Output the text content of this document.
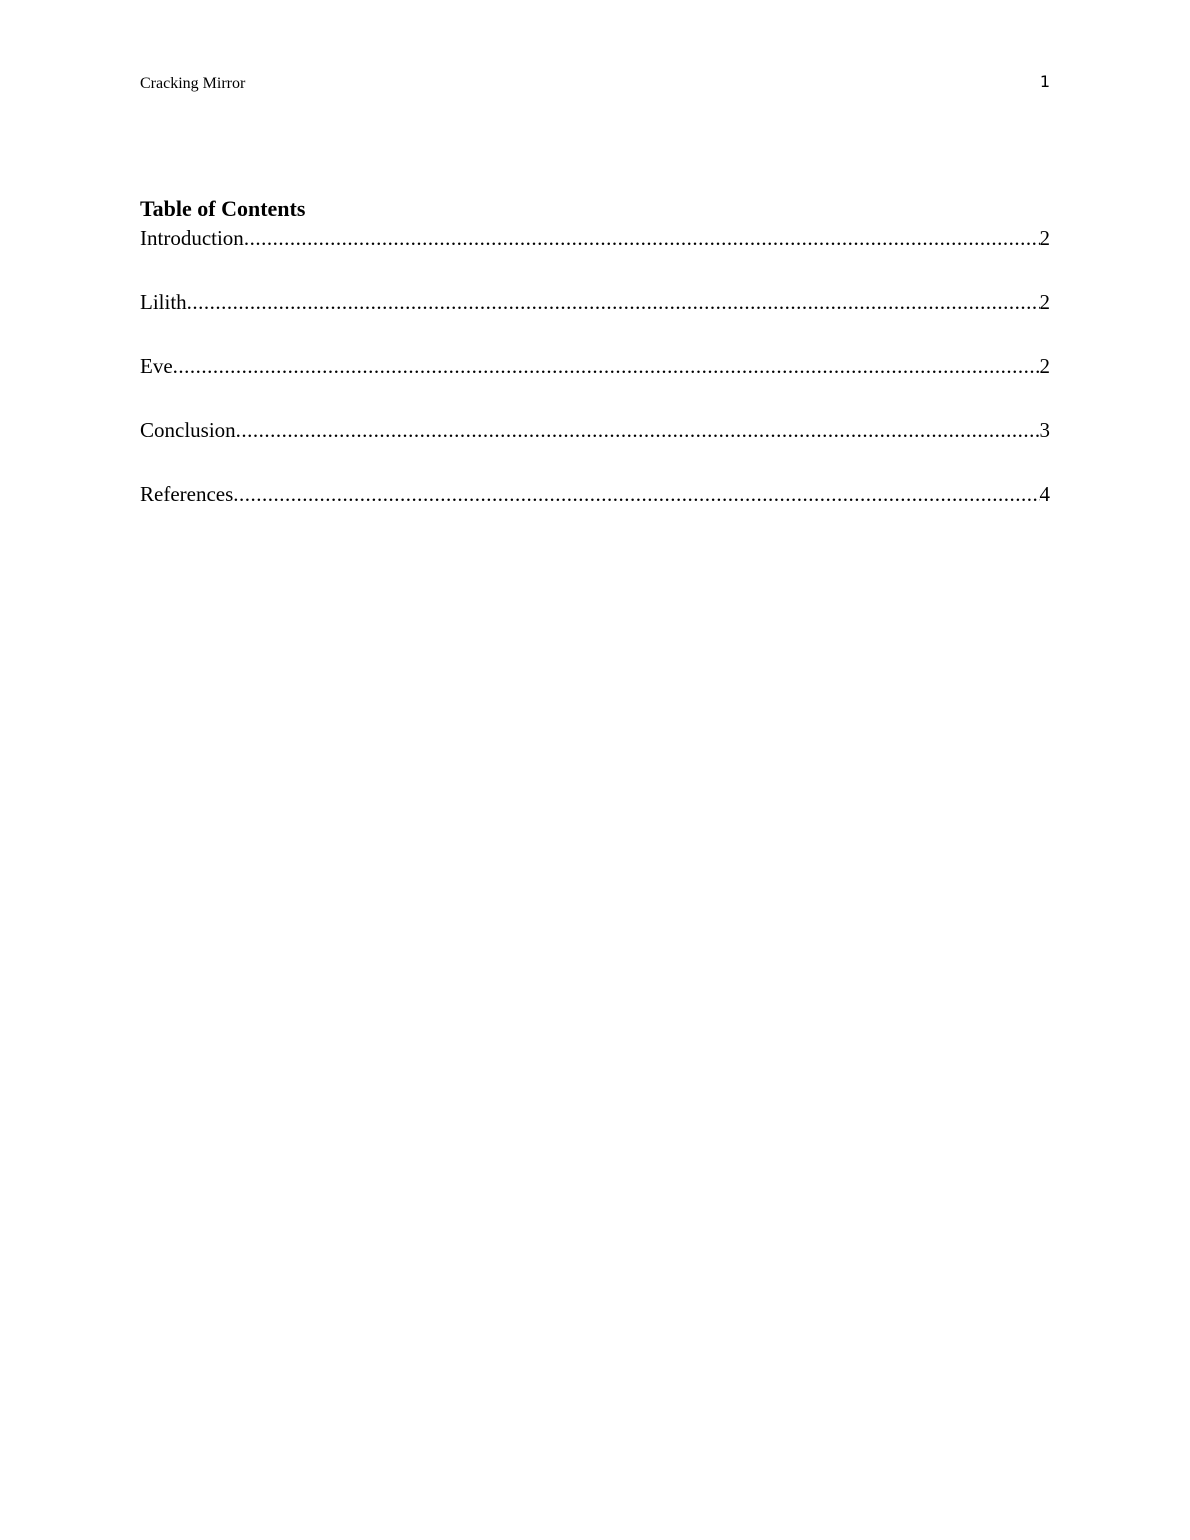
Cracking Mirror	1
Table of Contents
Introduction .....	2
Lilith .....	2
Eve .....	2
Conclusion .....	3
References .....	4
